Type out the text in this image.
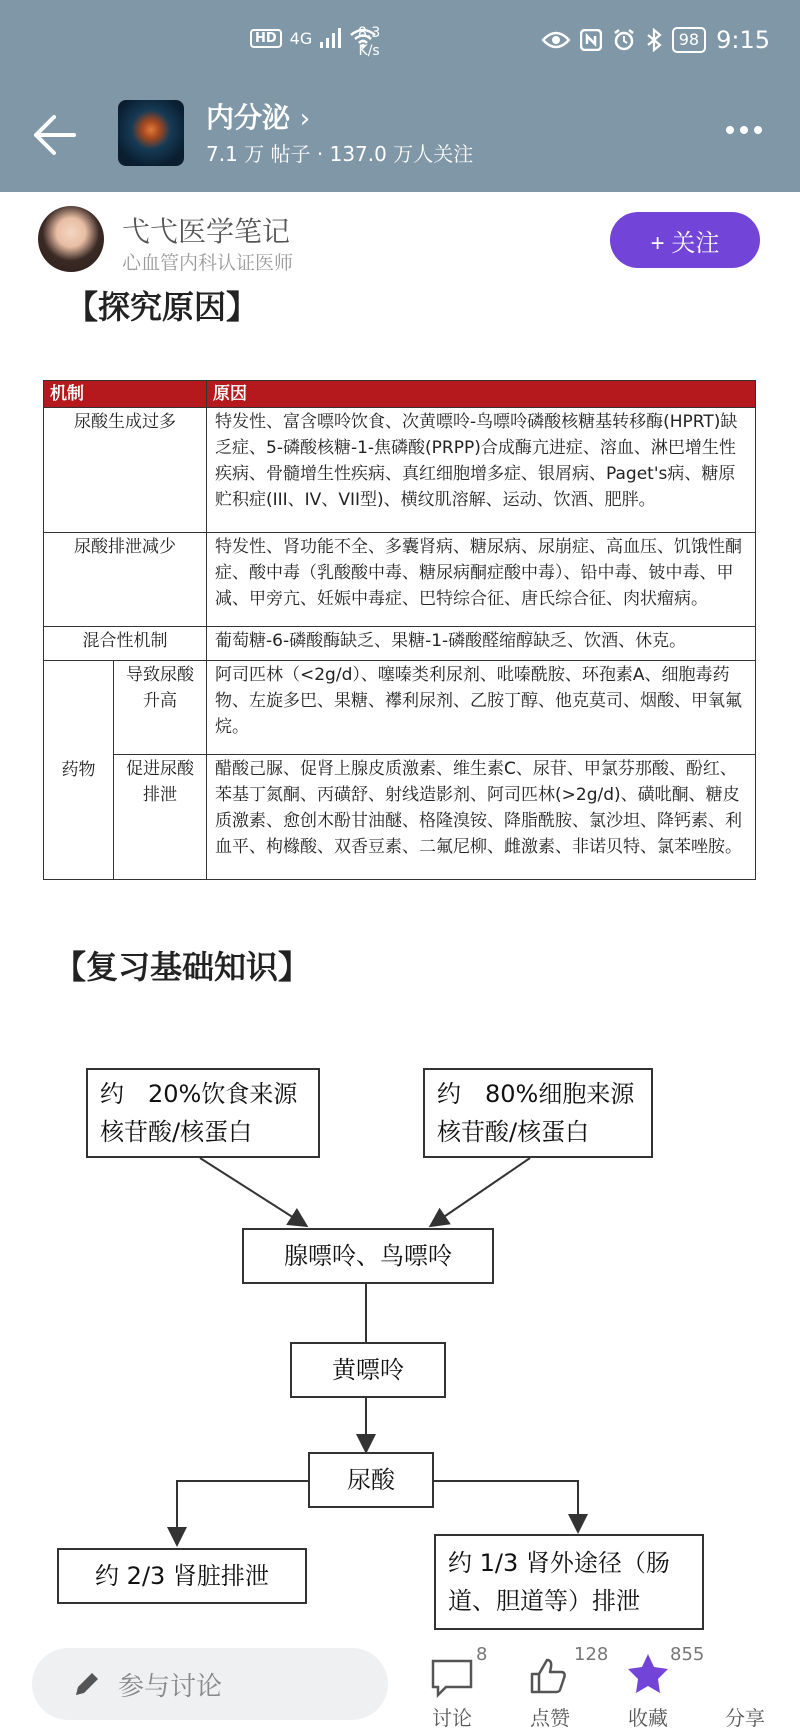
HD 4G	8.3
K/s
98 9:15
内分泌 ›
7.1 万 帖子 · 137.0 万人关注
弋弋医学笔记
心血管内科认证医师
+ 关注
【探究原因】
机制		原因
尿酸生成过多		特发性、富含嘌呤饮食、次黄嘌呤-鸟嘌呤磷酸核糖基转移酶(HPRT)缺乏症、5-磷酸核糖-1-焦磷酸(PRPP)合成酶亢进症、溶血、淋巴增生性疾病、骨髓增生性疾病、真红细胞增多症、银屑病、Paget's病、糖原贮积症(III、IV、VII型)、横纹肌溶解、运动、饮酒、肥胖。
尿酸排泄减少		特发性、肾功能不全、多囊肾病、糖尿病、尿崩症、高血压、饥饿性酮症、酸中毒（乳酸酸中毒、糖尿病酮症酸中毒）、铅中毒、铍中毒、甲减、甲旁亢、妊娠中毒症、巴特综合征、唐氏综合征、肉状瘤病。
混合性机制		葡萄糖-6-磷酸酶缺乏、果糖-1-磷酸醛缩醇缺乏、饮酒、休克。
药物	导致尿酸升高	阿司匹林（<2g/d）、噻嗪类利尿剂、吡嗪酰胺、环孢素A、细胞毒药物、左旋多巴、果糖、襻利尿剂、乙胺丁醇、他克莫司、烟酸、甲氧氟烷。
	促进尿酸排泄	醋酸己脲、促肾上腺皮质激素、维生素C、尿苷、甲氯芬那酸、酚红、苯基丁氮酮、丙磺舒、射线造影剂、阿司匹林(>2g/d)、磺吡酮、糖皮质激素、愈创木酚甘油醚、格隆溴铵、降脂酰胺、氯沙坦、降钙素、利血平、枸橼酸、双香豆素、二氟尼柳、雌激素、非诺贝特、氯苯唑胺。
【复习基础知识】
约　20%饮食来源 核苷酸/核蛋白
约　80%细胞来源 核苷酸/核蛋白
腺嘌呤、鸟嘌呤
黄嘌呤
尿酸
约 2/3 肾脏排泄	约 1/3 肾外途径（肠道、胆道等）排泄
参与讨论
8
讨论
128
点赞
855
收藏	分享
